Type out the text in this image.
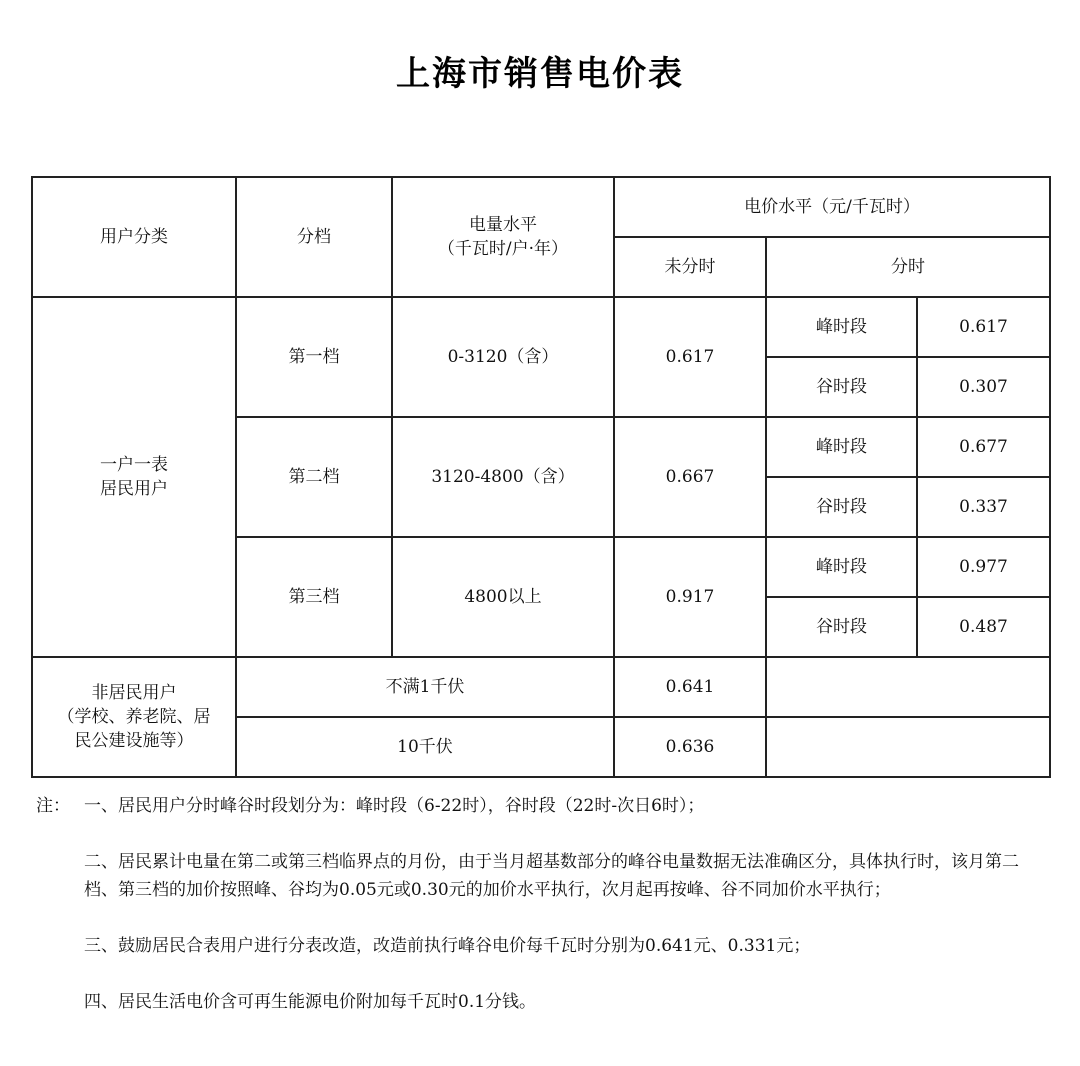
上海市销售电价表
用户分类	分档	电量水平
（千瓦时/户·年）	电价水平（元/千瓦时）		
			未分时	分时	

一户一表
居民用户	第一档	0-3120（含）	0.617	峰时段	0.617
				谷时段	0.307
	第二档	3120-4800（含）	0.667	峰时段	0.677
				谷时段	0.337
	第三档	4800以上	0.917	峰时段	0.977
				谷时段	0.487

非居民用户
（学校、养老院、居
民公建设施等）	不满1千伏		0.641		
	10千伏		0.636		
注： 一、居民用户分时峰谷时段划分为：峰时段（6-22时），谷时段（22时-次日6时）；
二、居民累计电量在第二或第三档临界点的月份，由于当月超基数部分的峰谷电量数据无法准确区分，具体执行时，该月第二档、第三档的加价按照峰、谷均为0.05元或0.30元的加价水平执行，次月起再按峰、谷不同加价水平执行；
三、鼓励居民合表用户进行分表改造，改造前执行峰谷电价每千瓦时分别为0.641元、0.331元；
四、居民生活电价含可再生能源电价附加每千瓦时0.1分钱。
